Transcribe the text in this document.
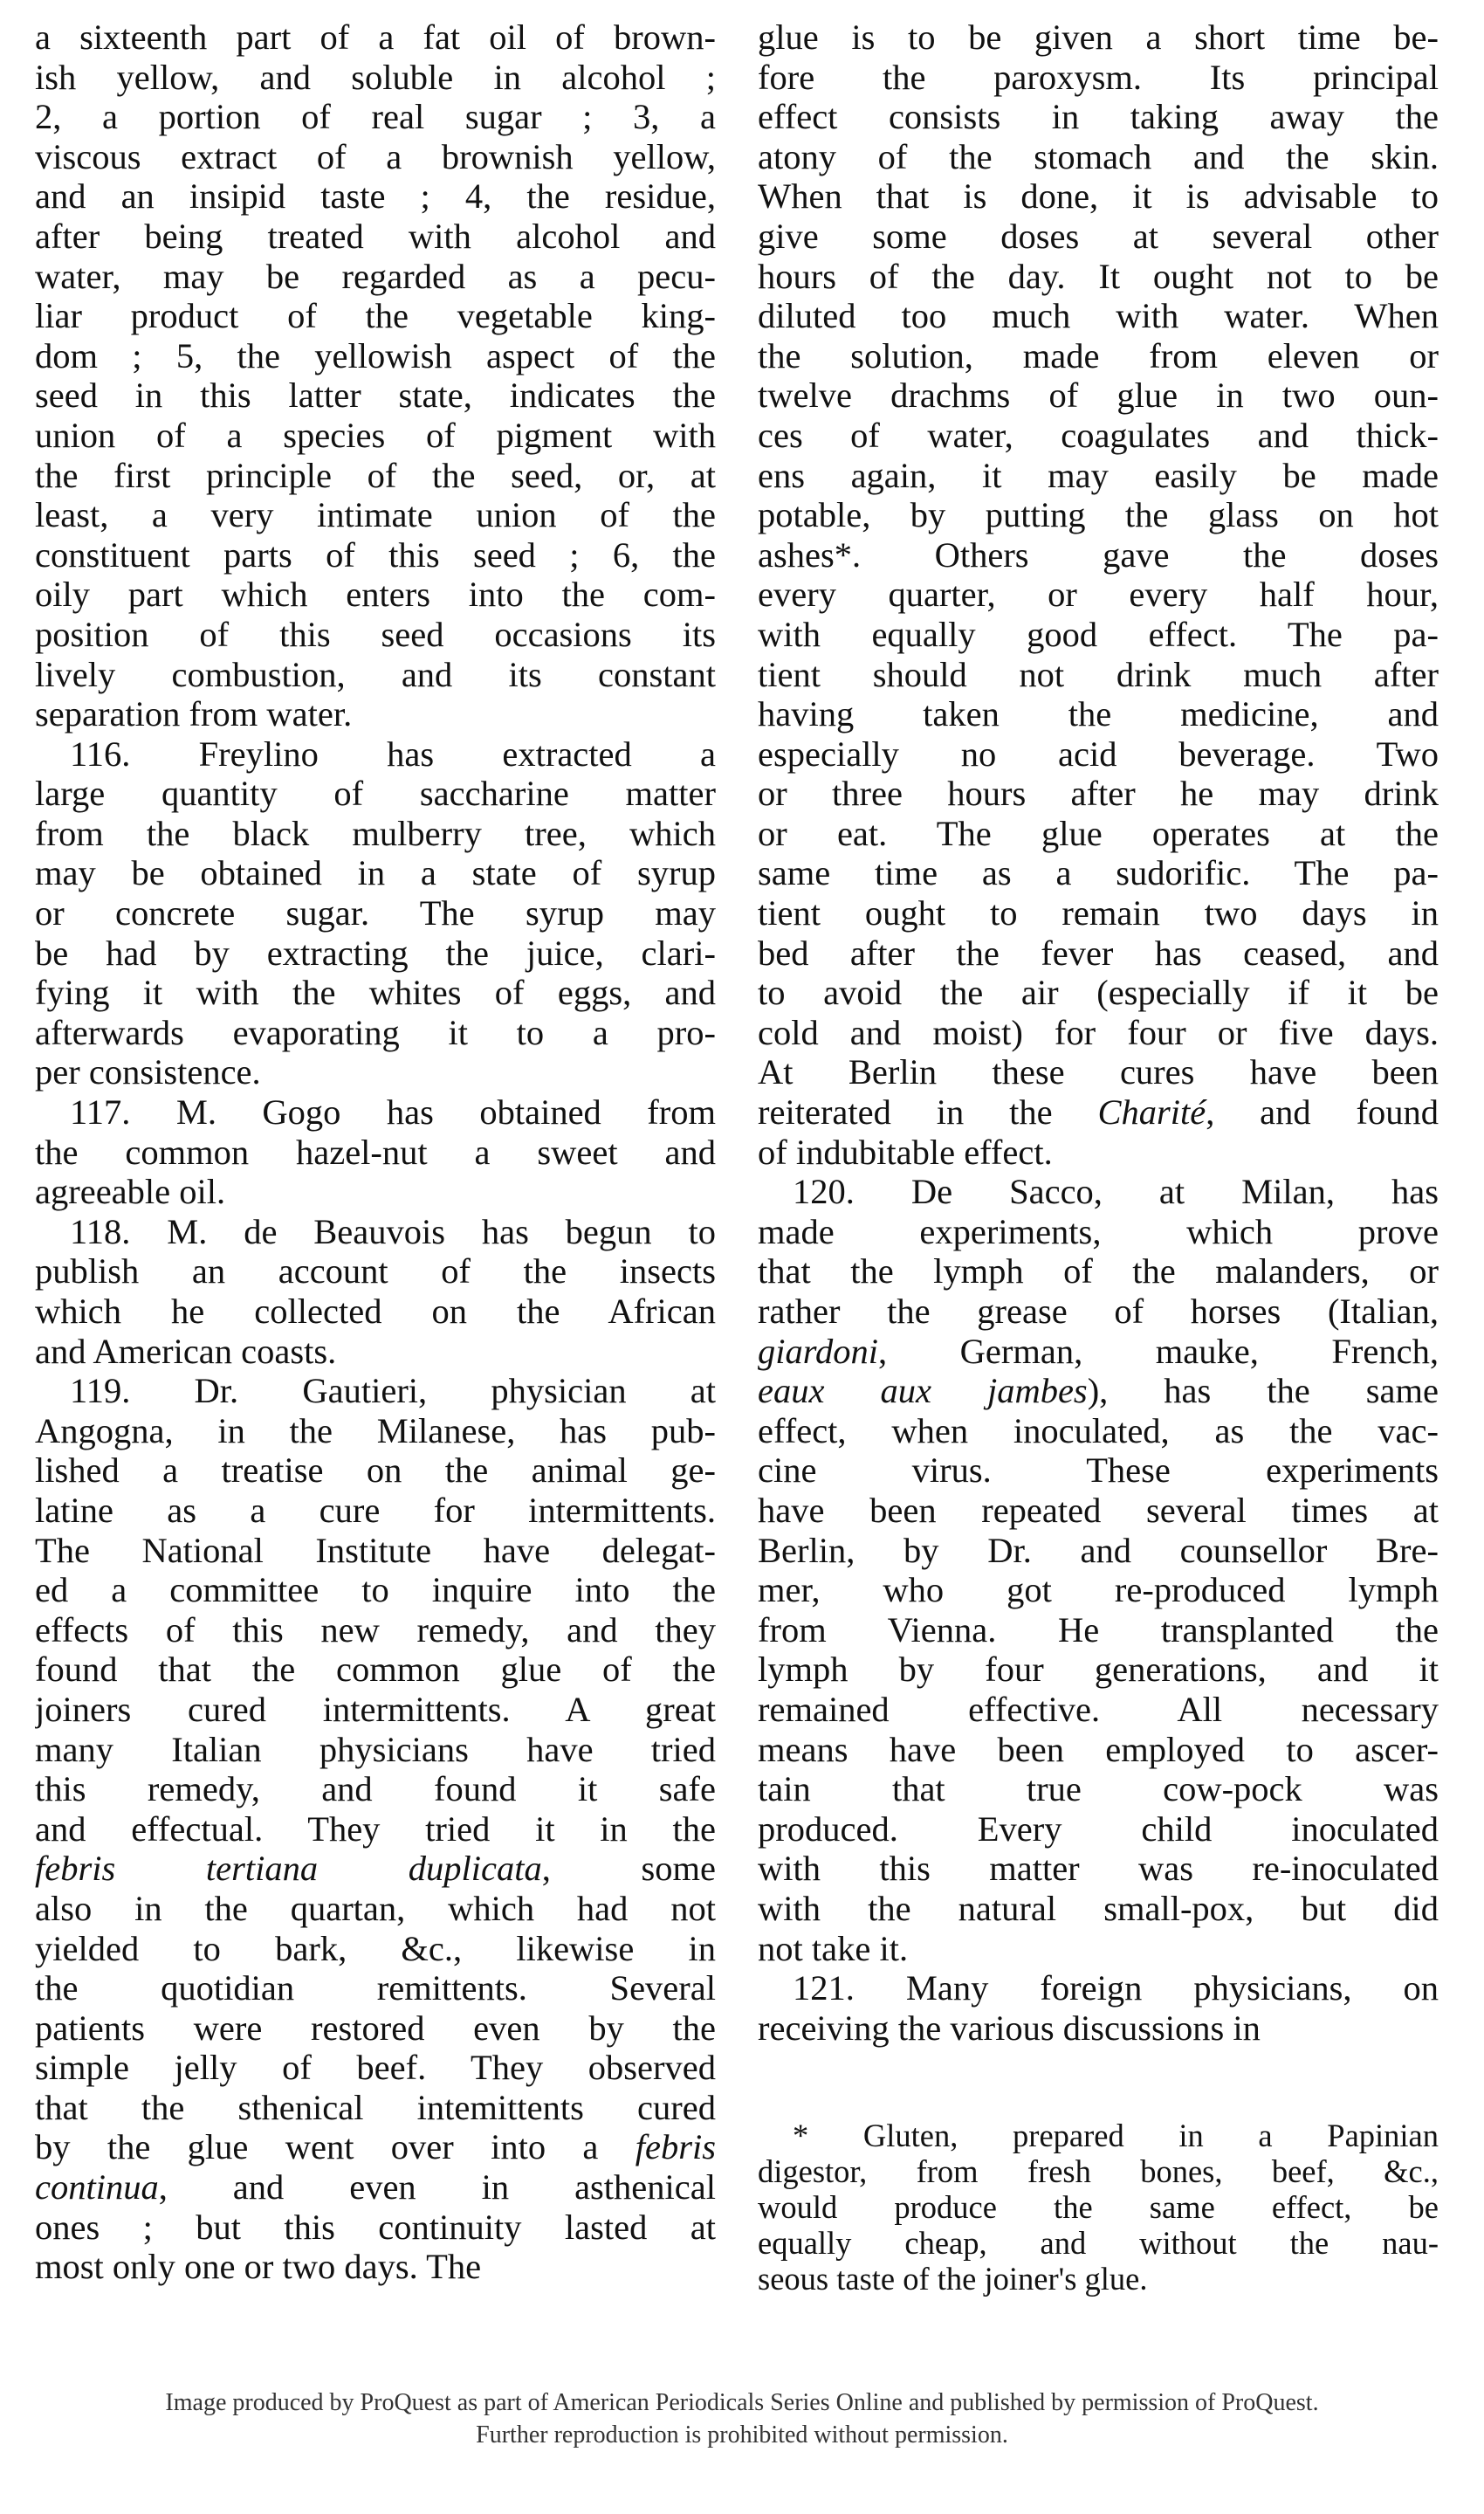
a sixteenth part of a fat oil of brown-
ish yellow, and soluble in alcohol ;
2, a portion of real sugar ; 3, a
viscous extract of a brownish yellow,
and an insipid taste ; 4, the residue,
after being treated with alcohol and
water, may be regarded as a pecu-
liar product of the vegetable king-
dom ; 5, the yellowish aspect of the
seed in this latter state, indicates the
union of a species of pigment with
the first principle of the seed, or, at
least, a very intimate union of the
constituent parts of this seed ; 6, the
oily part which enters into the com-
position of this seed occasions its
lively combustion, and its constant
separation from water.
116. Freylino has extracted a
large quantity of saccharine matter
from the black mulberry tree, which
may be obtained in a state of syrup
or concrete sugar. The syrup may
be had by extracting the juice, clari-
fying it with the whites of eggs, and
afterwards evaporating it to a pro-
per consistence.
117. M. Gogo has obtained from
the common hazel-nut a sweet and
agreeable oil.
118. M. de Beauvois has begun to
publish an account of the insects
which he collected on the African
and American coasts.
119. Dr. Gautieri, physician at
Angogna, in the Milanese, has pub-
lished a treatise on the animal ge-
latine as a cure for intermittents.
The National Institute have delegat-
ed a committee to inquire into the
effects of this new remedy, and they
found that the common glue of the
joiners cured intermittents. A great
many Italian physicians have tried
this remedy, and found it safe
and effectual. They tried it in the
febris tertiana duplicata, some
also in the quartan, which had not
yielded to bark, &c., likewise in
the quotidian remittents. Several
patients were restored even by the
simple jelly of beef. They observed
that the sthenical intemittents cured
by the glue went over into a febris
continua, and even in asthenical
ones ; but this continuity lasted at
most only one or two days. The
glue is to be given a short time be-
fore the paroxysm. Its principal
effect consists in taking away the
atony of the stomach and the skin.
When that is done, it is advisable to
give some doses at several other
hours of the day. It ought not to be
diluted too much with water. When
the solution, made from eleven or
twelve drachms of glue in two oun-
ces of water, coagulates and thick-
ens again, it may easily be made
potable, by putting the glass on hot
ashes*. Others gave the doses
every quarter, or every half hour,
with equally good effect. The pa-
tient should not drink much after
having taken the medicine, and
especially no acid beverage. Two
or three hours after he may drink
or eat. The glue operates at the
same time as a sudorific. The pa-
tient ought to remain two days in
bed after the fever has ceased, and
to avoid the air (especially if it be
cold and moist) for four or five days.
At Berlin these cures have been
reiterated in the Charité, and found
of indubitable effect.
120. De Sacco, at Milan, has
made experiments, which prove
that the lymph of the malanders, or
rather the grease of horses (Italian,
giardoni, German, mauke, French,
eaux aux jambes), has the same
effect, when inoculated, as the vac-
cine virus. These experiments
have been repeated several times at
Berlin, by Dr. and counsellor Bre-
mer, who got re-produced lymph
from Vienna. He transplanted the
lymph by four generations, and it
remained effective. All necessary
means have been employed to ascer-
tain that true cow-pock was
produced. Every child inoculated
with this matter was re-inoculated
with the natural small-pox, but did
not take it.
121. Many foreign physicians, on
receiving the various discussions in
* Gluten, prepared in a Papinian
digestor, from fresh bones, beef, &c.,
would produce the same effect, be
equally cheap, and without the nau-
seous taste of the joiner's glue.
Image produced by ProQuest as part of American Periodicals Series Online and published by permission of ProQuest.
Further reproduction is prohibited without permission.
